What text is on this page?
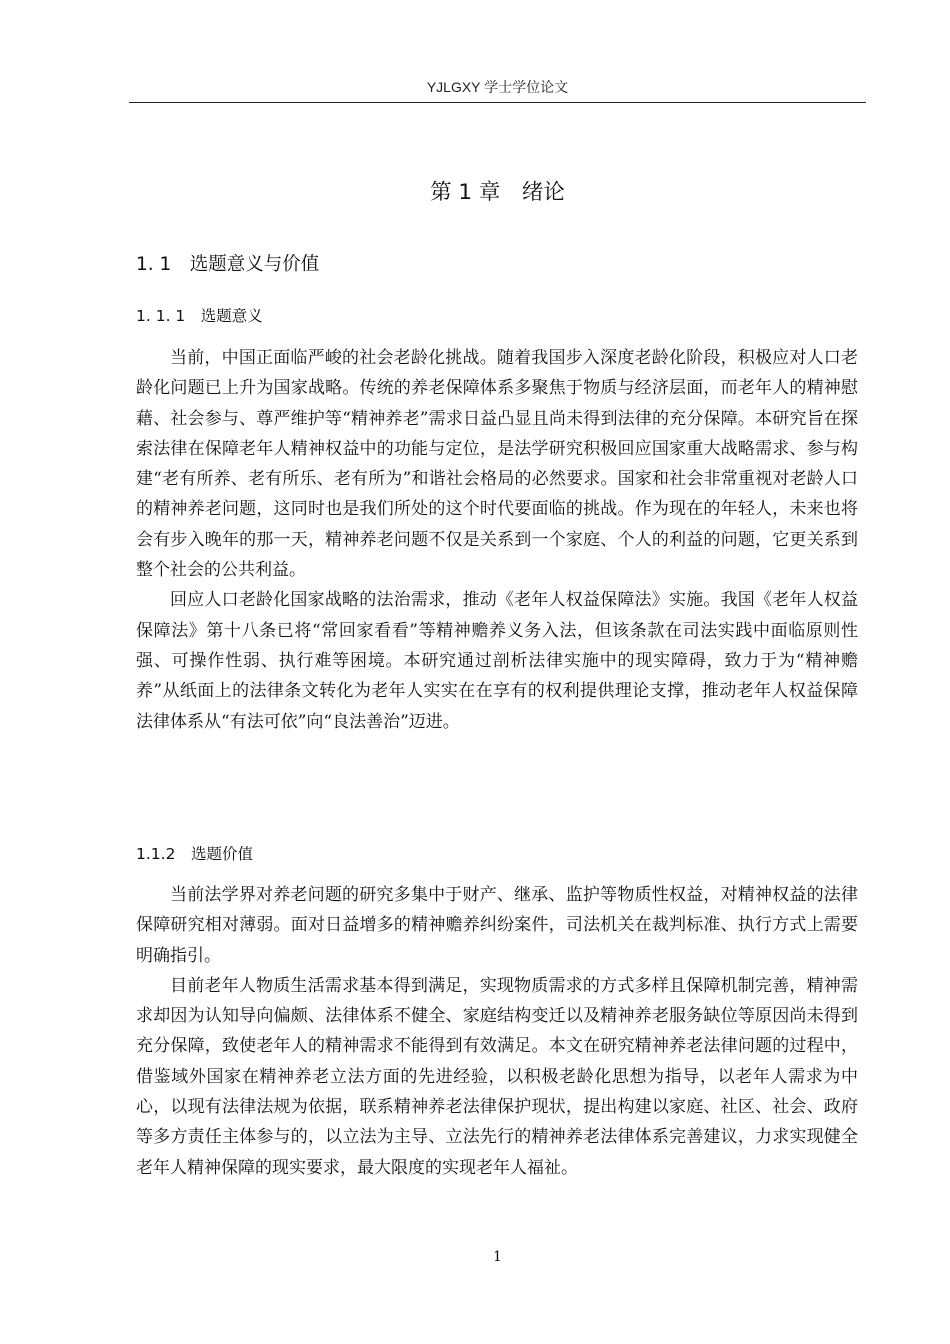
YJLGXY 学士学位论文
第 1 章　绪论
1. 1　选题意义与价值
1. 1. 1　选题意义

当前，中国正面临严峻的社会老龄化挑战。随着我国步入深度老龄化阶段，积极应对人口老龄化问题已上升为国家战略。传统的养老保障体系多聚焦于物质与经济层面，而老年人的精神慰藉、社会参与、尊严维护等“精神养老”需求日益凸显且尚未得到法律的充分保障。本研究旨在探索法律在保障老年人精神权益中的功能与定位，是法学研究积极回应国家重大战略需求、参与构建“老有所养、老有所乐、老有所为”和谐社会格局的必然要求。国家和社会非常重视对老龄人口的精神养老问题，这同时也是我们所处的这个时代要面临的挑战。作为现在的年轻人，未来也将会有步入晚年的那一天，精神养老问题不仅是关系到一个家庭、个人的利益的问题，它更关系到整个社会的公共利益。

回应人口老龄化国家战略的法治需求，推动《老年人权益保障法》实施。我国《老年人权益保障法》第十八条已将“常回家看看”等精神赡养义务入法，但该条款在司法实践中面临原则性强、可操作性弱、执行难等困境。本研究通过剖析法律实施中的现实障碍，致力于为“精神赡养”从纸面上的法律条文转化为老年人实实在在享有的权利提供理论支撑，推动老年人权益保障法律体系从“有法可依”向“良法善治”迈进。

1.1.2　选题价值

当前法学界对养老问题的研究多集中于财产、继承、监护等物质性权益，对精神权益的法律保障研究相对薄弱。面对日益增多的精神赡养纠纷案件，司法机关在裁判标准、执行方式上需要明确指引。

目前老年人物质生活需求基本得到满足，实现物质需求的方式多样且保障机制完善，精神需求却因为认知导向偏颇、法律体系不健全、家庭结构变迁以及精神养老服务缺位等原因尚未得到充分保障，致使老年人的精神需求不能得到有效满足。本文在研究精神养老法律问题的过程中，借鉴域外国家在精神养老立法方面的先进经验，以积极老龄化思想为指导，以老年人需求为中心，以现有法律法规为依据，联系精神养老法律保护现状，提出构建以家庭、社区、社会、政府等多方责任主体参与的，以立法为主导、立法先行的精神养老法律体系完善建议，力求实现健全老年人精神保障的现实要求，最大限度的实现老年人福祉。

1
